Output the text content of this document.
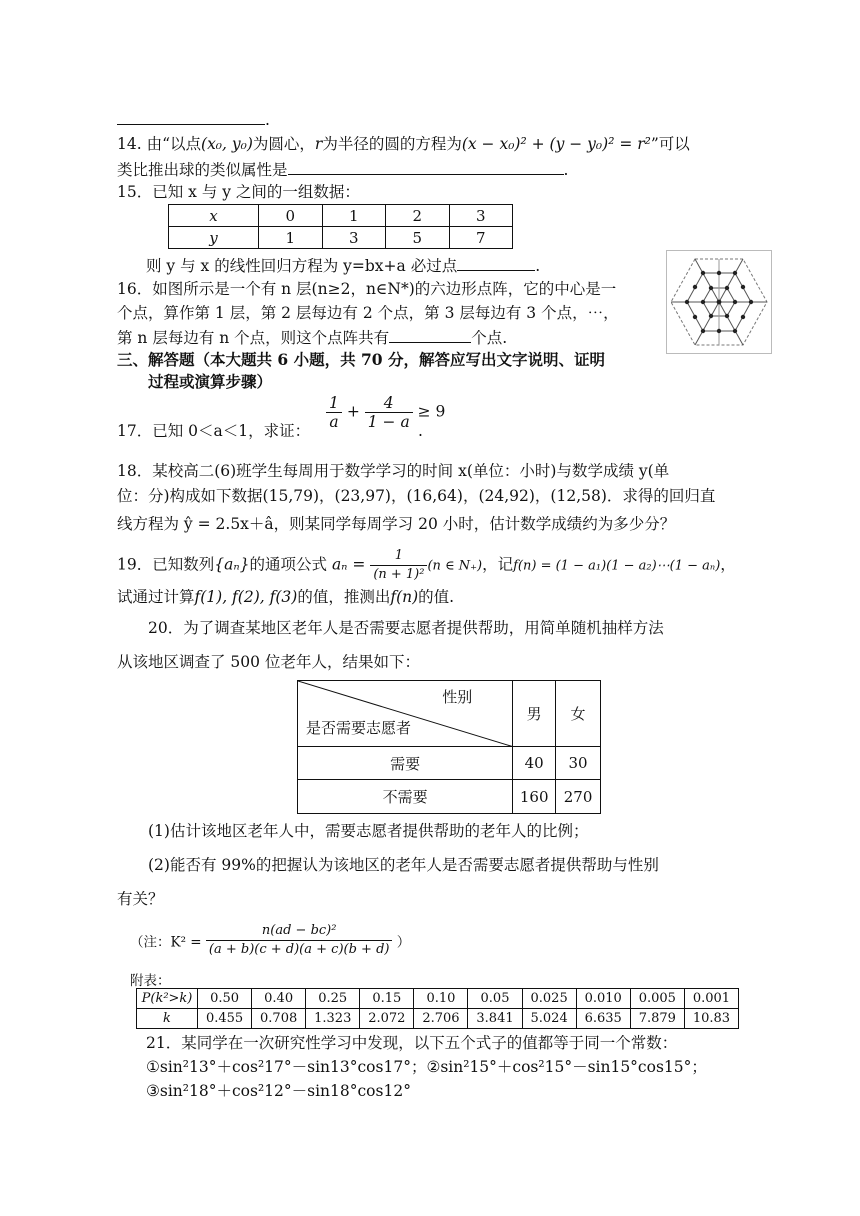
.
14. 由“以点(x₀, y₀)为圆心，r为半径的圆的方程为(x − x₀)² + (y − y₀)² = r²”可以
类比推出球的类似属性是	.
15．已知 x 与 y 之间的一组数据：
x	0	1	2	3
y	1	3	5	7
则 y 与 x 的线性回归方程为 y=bx+a 必过点	.
16．如图所示是一个有 n 层(n≥2，n∈N*)的六边形点阵，它的中心是一
个点，算作第 1 层，第 2 层每边有 2 个点，第 3 层每边有 3 个点，⋯，
第 n 层每边有 n 个点，则这个点阵共有	个点.
三、解答题（本大题共 6 小题，共 70 分，解答应写出文字说明、证明
过程或演算步骤）
17．已知 0＜a＜1，求证： $\frac{1}{a} + \frac{4}{1 - a} \ge 9$
.
18．某校高二(6)班学生每周用于数学学习的时间 x(单位：小时)与数学成绩 y(单
位：分)构成如下数据(15,79)，(23,97)，(16,64)，(24,92)，(12,58)．求得的回归直
线方程为 ŷ = 2.5x＋â，则某同学每周学习 20 小时，估计数学成绩约为多少分？
19．已知数列{aₙ}的通项公式 $a_n = \frac{1}{\text{(n + 1)²}} (n$ ∈ N₊)，记f(n) = (1 − a₁)(1 − a₂)⋯(1 − aₙ)，
试通过计算f(1), f(2), f(3)的值，推测出f(n)的值.
20．为了调查某地区老年人是否需要志愿者提供帮助，用简单随机抽样方法
从该地区调查了 500 位老年人，结果如下：
性别
是否需要志愿者	男	女
需要	40	30
不需要	160	270
(1)估计该地区老年人中，需要志愿者提供帮助的老年人的比例；
(2)能否有 99%的把握认为该地区的老年人是否需要志愿者提供帮助与性别
有关？
（注：$K^2 = \frac{\text{n(ad − bc)²}}{(a + b)(c + d)(a + c)(b + d)}$ ）
附表：
P(k²>k)	0.50	0.40	0.25	0.15	0.10	0.05	0.025	0.010	0.005	0.001
k	0.455	0.708	1.323	2.072	2.706	3.841	5.024	6.635	7.879	10.83
21．某同学在一次研究性学习中发现，以下五个式子的值都等于同一个常数：
①sin²13°＋cos²17°－sin13°cos17°；②sin²15°＋cos²15°－sin15°cos15°；
③sin²18°＋cos²12°－sin18°cos12°
